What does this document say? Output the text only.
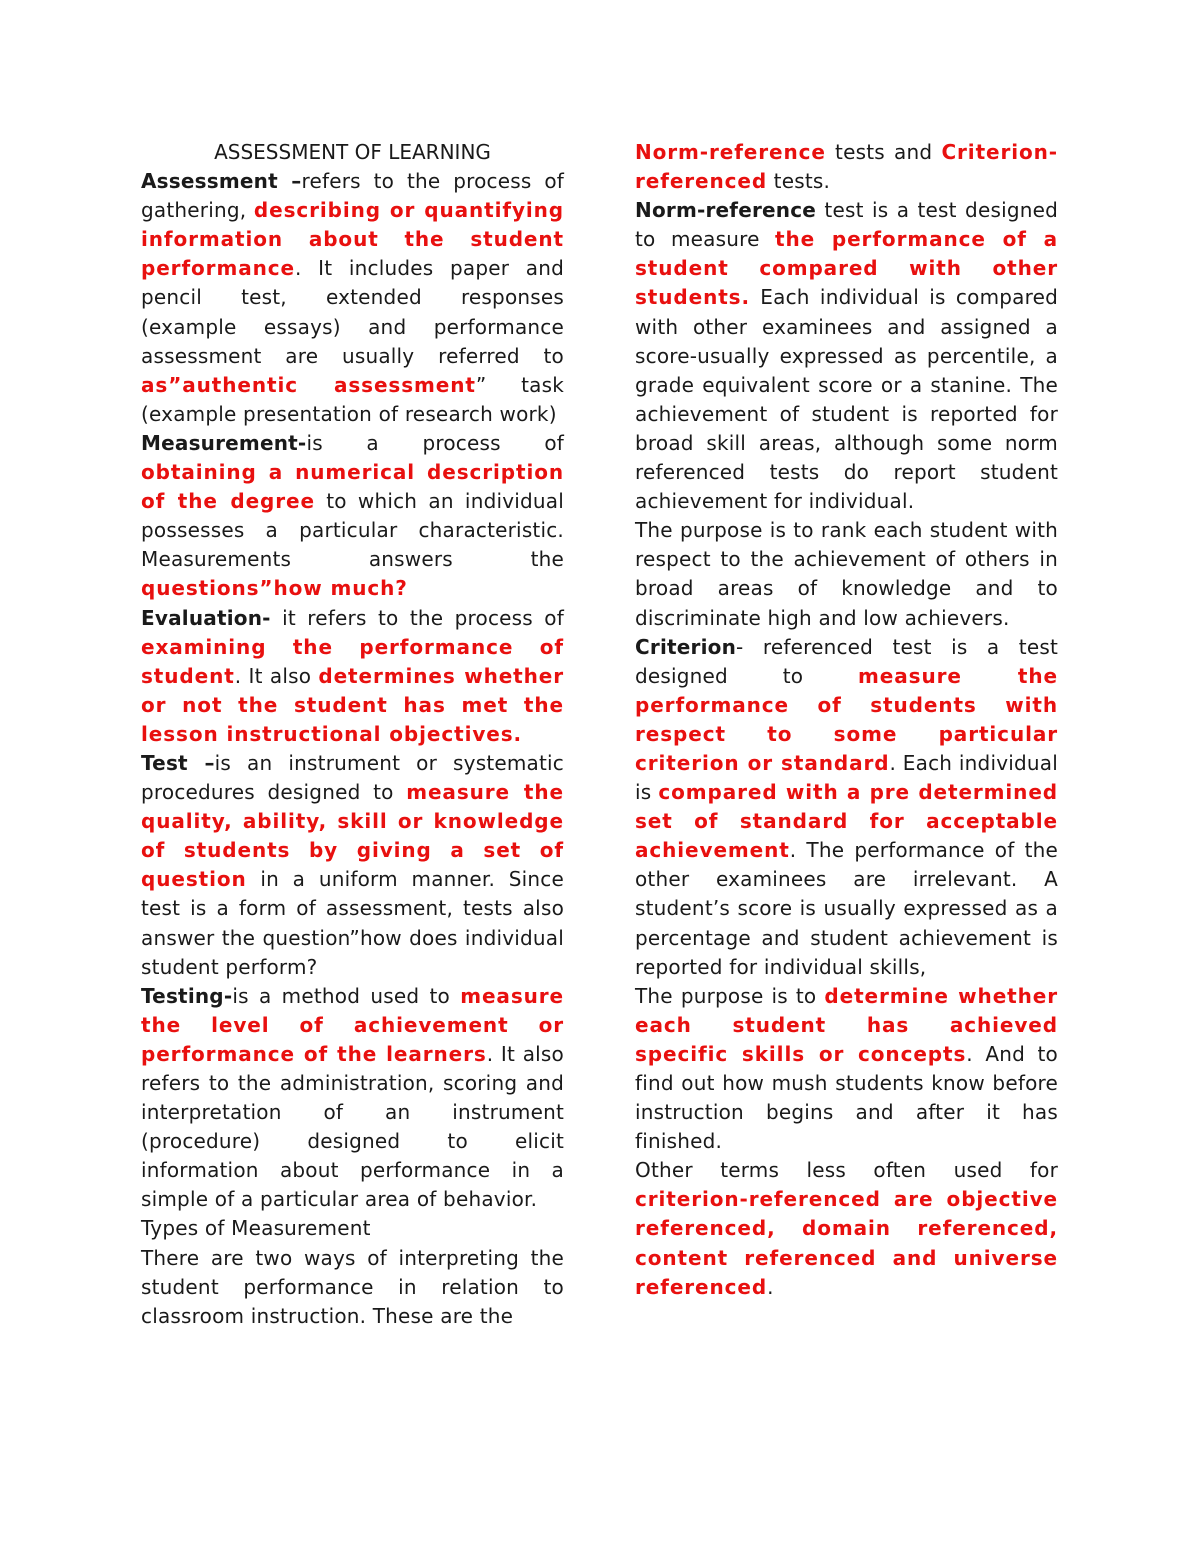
ASSESSMENT OF LEARNING

Assessment –refers to the process of gathering, describing or quantifying information about the student performance. It includes paper and pencil test, extended responses (example essays) and performance assessment are usually referred to as”authentic assessment” task (example presentation of research work)

Measurement-is a process of obtaining a numerical description of the degree to which an individual possesses a particular characteristic. Measurements answers the questions”how much?

Evaluation- it refers to the process of examining the performance of student. It also determines whether or not the student has met the lesson instructional objectives.

Test –is an instrument or systematic procedures designed to measure the quality, ability, skill or knowledge of students by giving a set of question in a uniform manner. Since test is a form of assessment, tests also answer the question”how does individual student perform?

Testing-is a method used to measure the level of achievement or performance of the learners. It also refers to the administration, scoring and interpretation of an instrument (procedure) designed to elicit information about performance in a simple of a particular area of behavior.

Types of Measurement

There are two ways of interpreting the student performance in relation to classroom instruction. These are the

Norm-reference tests and Criterion-referenced tests.

Norm-reference test is a test designed to measure the performance of a student compared with other students. Each individual is compared with other examinees and assigned a score-usually expressed as percentile, a grade equivalent score or a stanine. The achievement of student is reported for broad skill areas, although some norm referenced tests do report student achievement for individual.

The purpose is to rank each student with respect to the achievement of others in broad areas of knowledge and to discriminate high and low achievers.

Criterion- referenced test is a test designed to measure the performance of students with respect to some particular criterion or standard. Each individual is compared with a pre determined set of standard for acceptable achievement. The performance of the other examinees are irrelevant. A student’s score is usually expressed as a percentage and student achievement is reported for individual skills,

The purpose is to determine whether each student has achieved specific skills or concepts. And to find out how mush students know before instruction begins and after it has finished.

Other terms less often used for criterion-referenced are objective referenced, domain referenced, content referenced and universe referenced.
